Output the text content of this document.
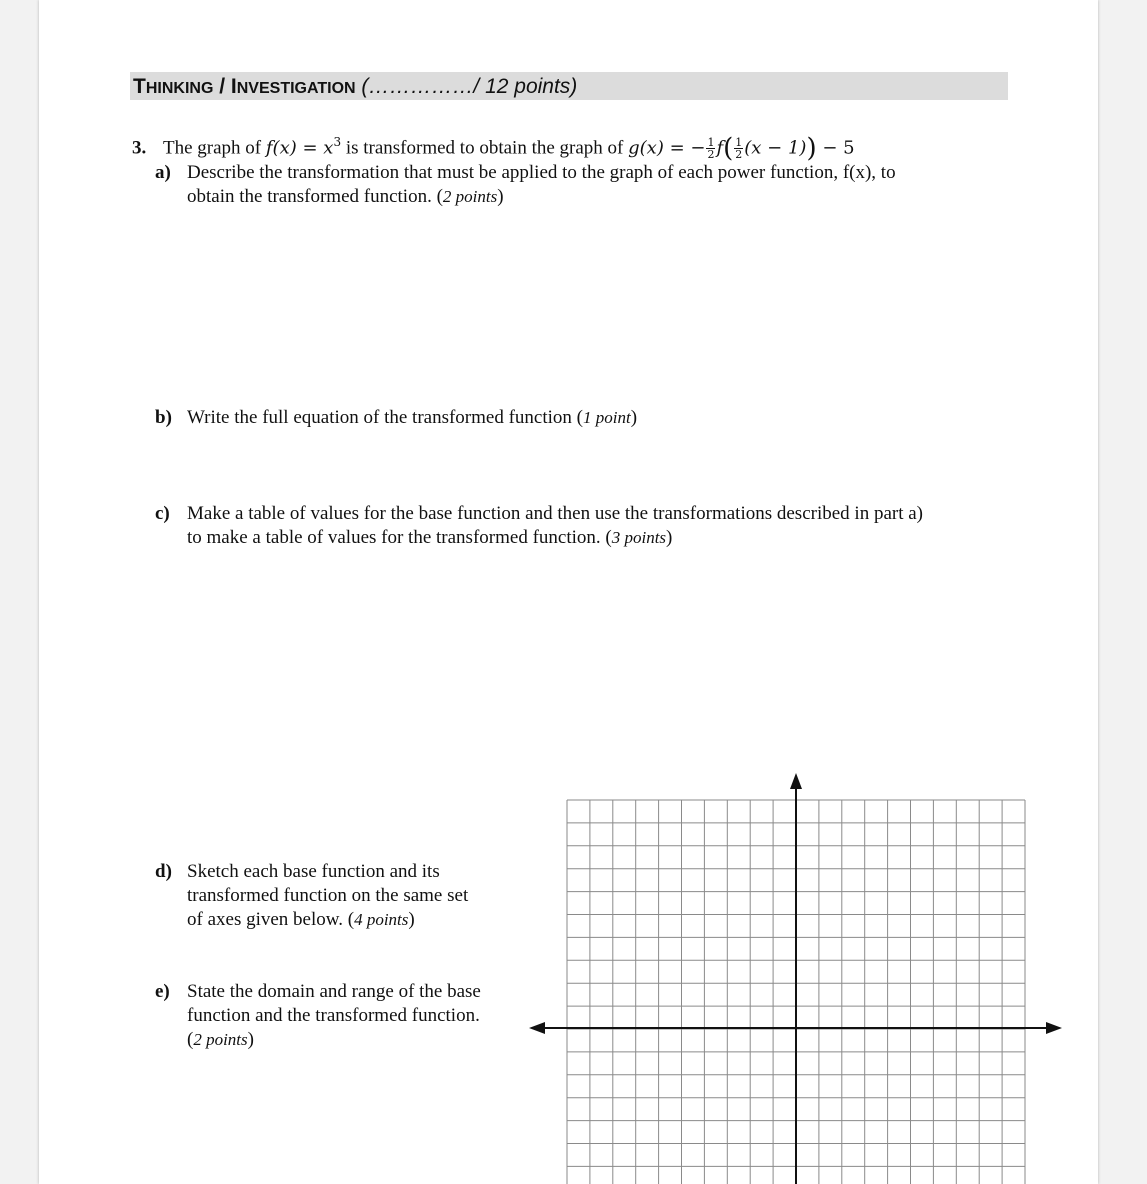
THINKING / INVESTIGATION (……………/ 12 points)
3. The graph of $f(x) = x^3$ is transformed to obtain the graph of g(x) = − $\frac{1}{2} f( \frac{1}{2} (x - 1)) - 5$
a) Describe the transformation that must be applied to the graph of each power function, f(x), to
obtain the transformed function. (2 points)
b) Write the full equation of the transformed function (1 point)
c) Make a table of values for the base function and then use the transformations described in part a)
to make a table of values for the transformed function. (3 points)
d) Sketch each base function and its
transformed function on the same set
of axes given below. (4 points)
e) State the domain and range of the base
function and the transformed function.
(2 points)
